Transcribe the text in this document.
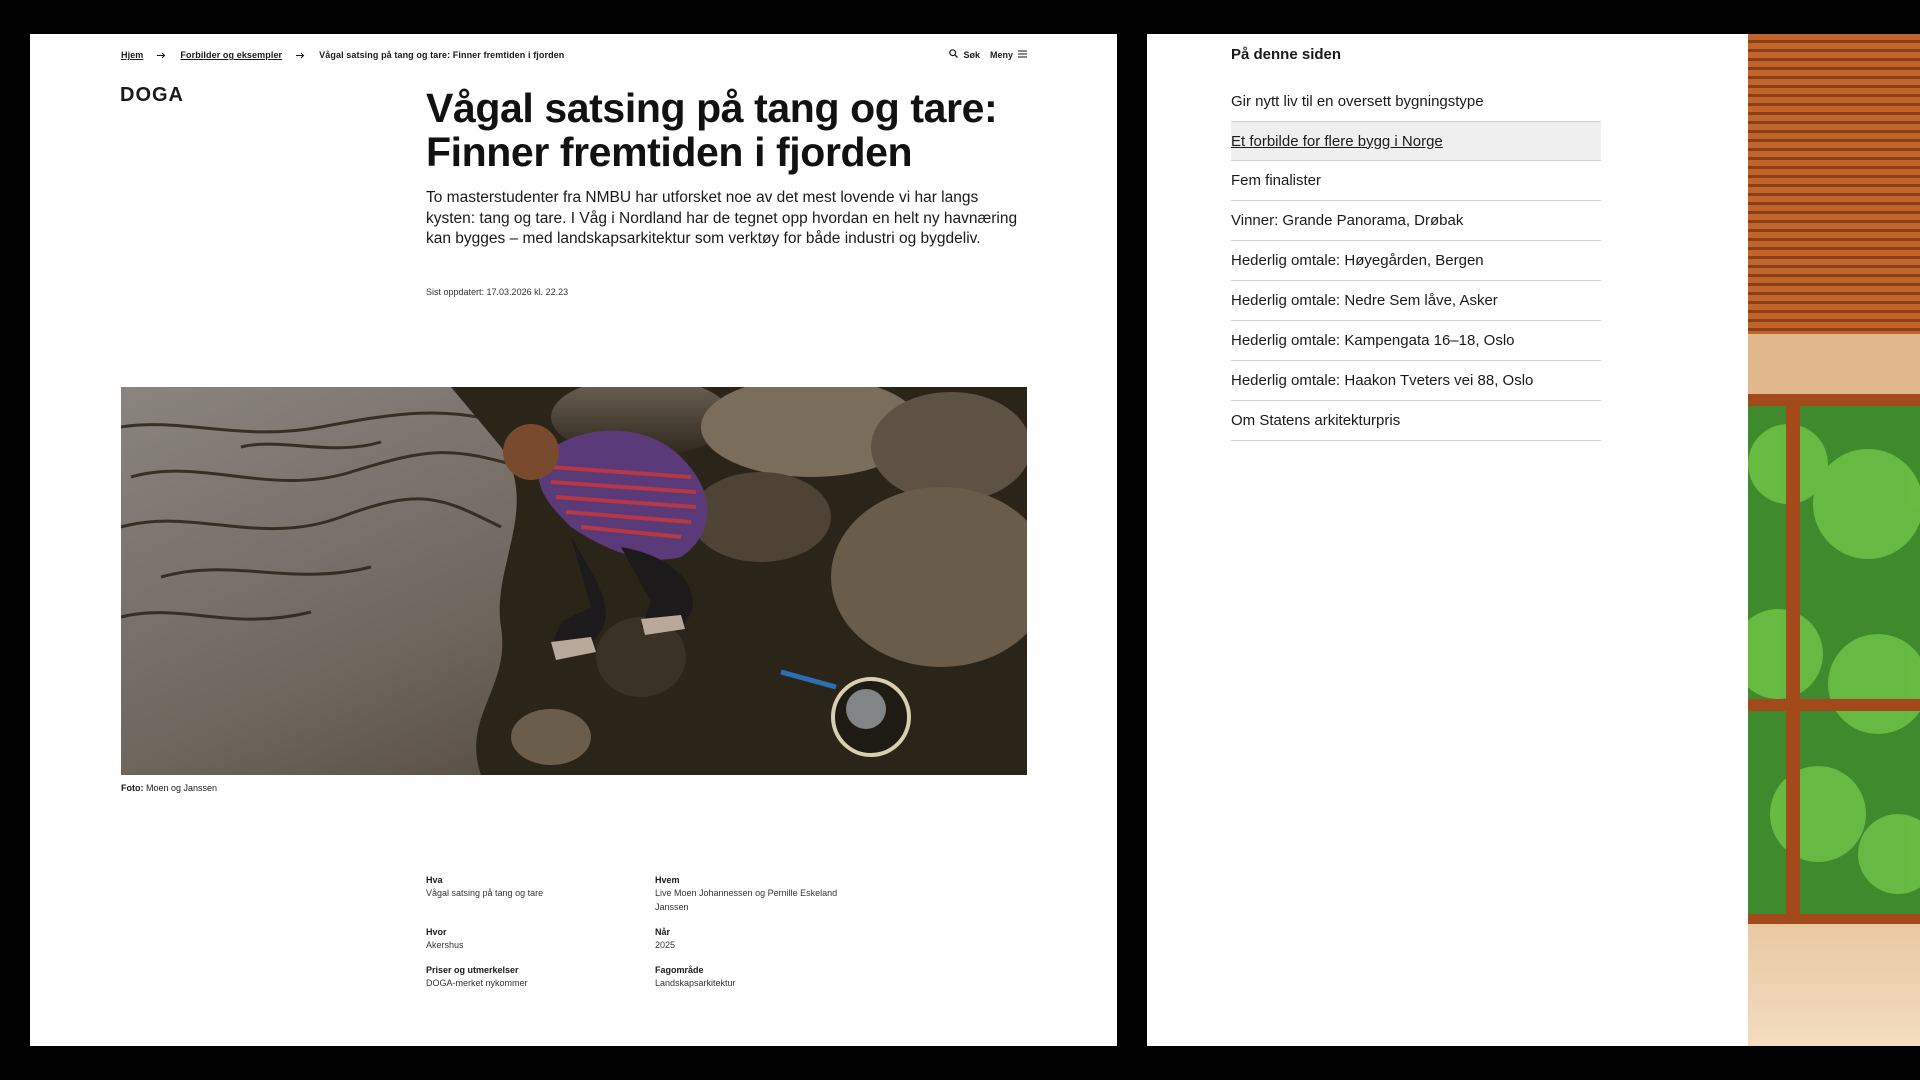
Hjem	Forbilder og eksempler	Vågal satsing på tang og tare: Finner fremtiden i fjorden	Søk Meny
DOGA	Vågal satsing på tang og tare: Finner fremtiden i fjorden

To masterstudenter fra NMBU har utforsket noe av det mest lovende vi har langs kysten: tang og tare. I Våg i Nordland har de tegnet opp hvordan en helt ny havnæring kan bygges – med landskapsarkitektur som verktøy for både industri og bygdeliv.

Sist oppdatert: 17.03.2026 kl. 22.23
Foto: Moen og Janssen
Hva
Vågal satsing på tang og tare
Hvem
Live Moen Johannessen og Pernille Eskeland Janssen
Hvor
Akershus
Når
2025
Priser og utmerkelser
DOGA-merket nykommer
Fagområde
Landskapsarkitektur
På denne siden
Gir nytt liv til en oversett bygningstype
Et forbilde for flere bygg i Norge
Fem finalister
Vinner: Grande Panorama, Drøbak
Hederlig omtale: Høyegården, Bergen
Hederlig omtale: Nedre Sem låve, Asker
Hederlig omtale: Kampengata 16–18, Oslo
Hederlig omtale: Haakon Tveters vei 88, Oslo
Om Statens arkitekturpris
